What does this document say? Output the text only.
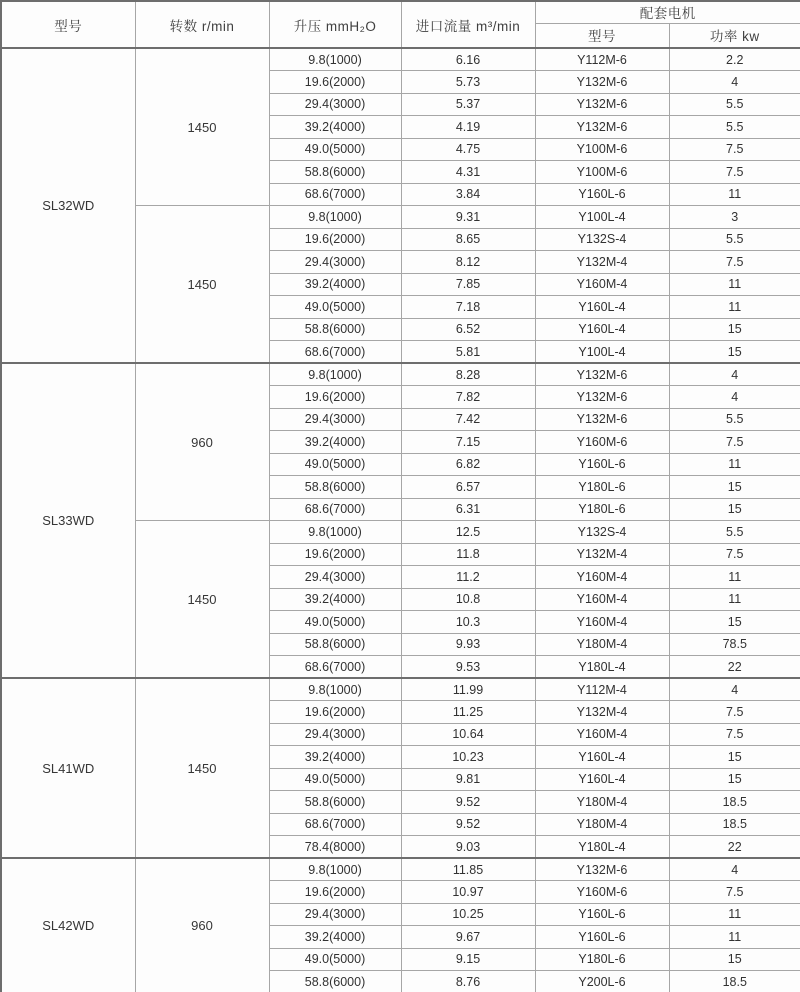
型号	转数 r/min	升压 mmH₂O	进口流量 m³/min	配套电机	
				型号	功率 kw
SL32WD	1450	9.8(1000)	6.16	Y112M-6	2.2
		19.6(2000)	5.73	Y132M-6	4
		29.4(3000)	5.37	Y132M-6	5.5
		39.2(4000)	4.19	Y132M-6	5.5
		49.0(5000)	4.75	Y100M-6	7.5
		58.8(6000)	4.31	Y100M-6	7.5
		68.6(7000)	3.84	Y160L-6	11
	1450	9.8(1000)	9.31	Y100L-4	3
		19.6(2000)	8.65	Y132S-4	5.5
		29.4(3000)	8.12	Y132M-4	7.5
		39.2(4000)	7.85	Y160M-4	11
		49.0(5000)	7.18	Y160L-4	11
		58.8(6000)	6.52	Y160L-4	15
		68.6(7000)	5.81	Y100L-4	15
SL33WD	960	9.8(1000)	8.28	Y132M-6	4
		19.6(2000)	7.82	Y132M-6	4
		29.4(3000)	7.42	Y132M-6	5.5
		39.2(4000)	7.15	Y160M-6	7.5
		49.0(5000)	6.82	Y160L-6	11
		58.8(6000)	6.57	Y180L-6	15
		68.6(7000)	6.31	Y180L-6	15
	1450	9.8(1000)	12.5	Y132S-4	5.5
		19.6(2000)	11.8	Y132M-4	7.5
		29.4(3000)	11.2	Y160M-4	11
		39.2(4000)	10.8	Y160M-4	11
		49.0(5000)	10.3	Y160M-4	15
		58.8(6000)	9.93	Y180M-4	78.5
		68.6(7000)	9.53	Y180L-4	22
SL41WD	1450	9.8(1000)	11.99	Y112M-4	4
		19.6(2000)	11.25	Y132M-4	7.5
		29.4(3000)	10.64	Y160M-4	7.5
		39.2(4000)	10.23	Y160L-4	15
		49.0(5000)	9.81	Y160L-4	15
		58.8(6000)	9.52	Y180M-4	18.5
		68.6(7000)	9.52	Y180M-4	18.5
		78.4(8000)	9.03	Y180L-4	22
SL42WD	960	9.8(1000)	11.85	Y132M-6	4
		19.6(2000)	10.97	Y160M-6	7.5
		29.4(3000)	10.25	Y160L-6	11
		39.2(4000)	9.67	Y160L-6	11
		49.0(5000)	9.15	Y180L-6	15
		58.8(6000)	8.76	Y200L-6	18.5
